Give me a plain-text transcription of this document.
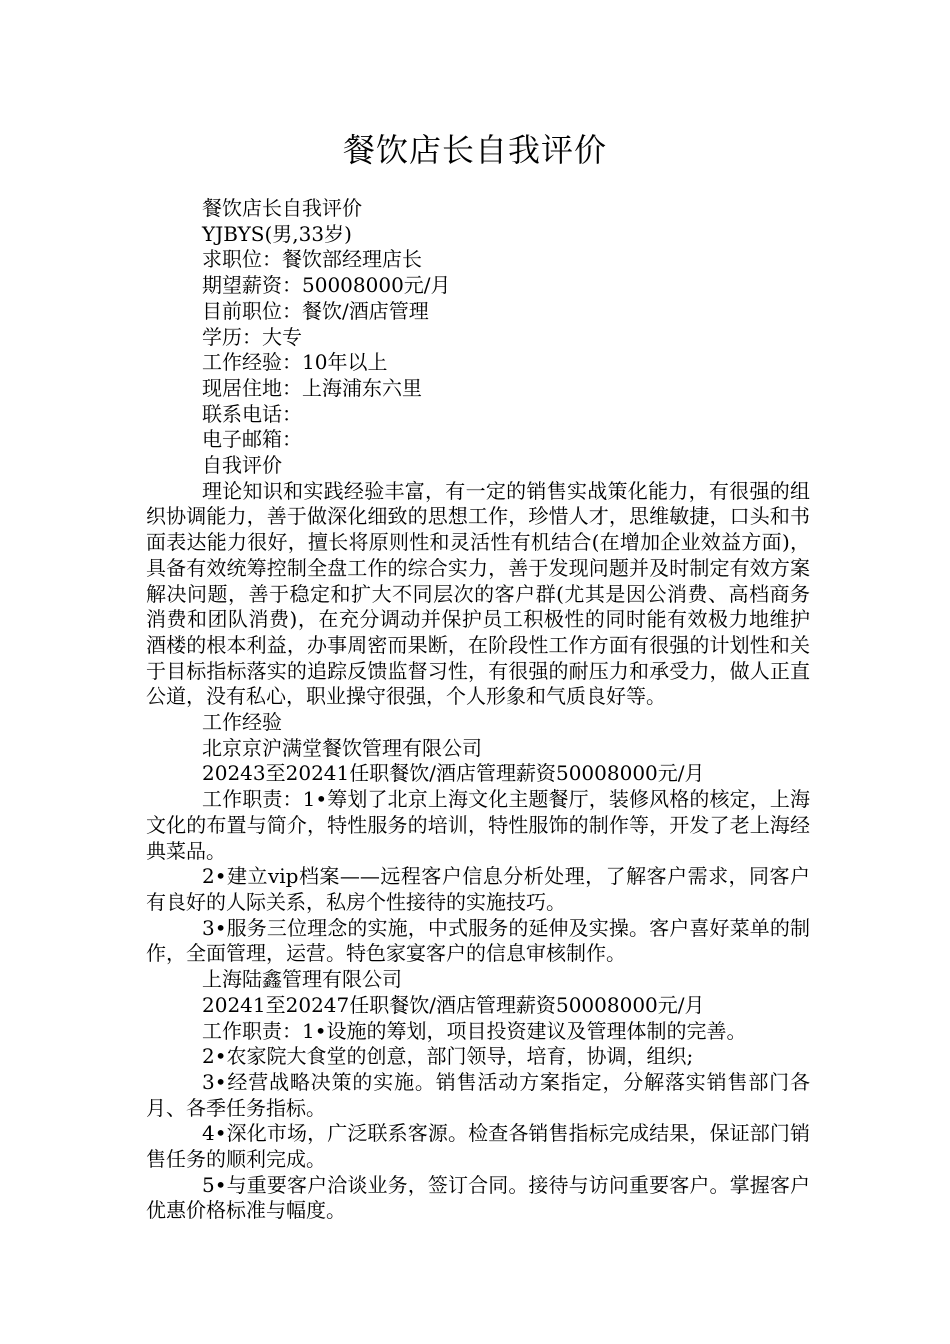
餐饮店长自我评价
餐饮店长自我评价
YJBYS(男,33岁)
求职位：餐饮部经理店长
期望薪资：50008000元/月
目前职位：餐饮/酒店管理
学历：大专
工作经验：10年以上
现居住地：上海浦东六里
联系电话：
电子邮箱：
自我评价

理论知识和实践经验丰富，有一定的销售实战策化能力，有很强的组织协调能力，善于做深化细致的思想工作，珍惜人才，思维敏捷，口头和书面表达能力很好，擅长将原则性和灵活性有机结合(在增加企业效益方面)，具备有效统筹控制全盘工作的综合实力，善于发现问题并及时制定有效方案解决问题，善于稳定和扩大不同层次的客户群(尤其是因公消费、高档商务消费和团队消费)，在充分调动并保护员工积极性的同时能有效极力地维护酒楼的根本利益，办事周密而果断，在阶段性工作方面有很强的计划性和关于目标指标落实的追踪反馈监督习性，有很强的耐压力和承受力，做人正直公道，没有私心，职业操守很强，个人形象和气质良好等。

工作经验
北京京沪满堂餐饮管理有限公司
20243至20241任职餐饮/酒店管理薪资50008000元/月

工作职责：1•筹划了北京上海文化主题餐厅，装修风格的核定，上海文化的布置与简介，特性服务的培训，特性服饰的制作等，开发了老上海经典菜品。

2•建立vip档案——远程客户信息分析处理，了解客户需求，同客户有良好的人际关系，私房个性接待的实施技巧。

3•服务三位理念的实施，中式服务的延伸及实操。客户喜好菜单的制作，全面管理，运营。特色家宴客户的信息审核制作。

上海陆鑫管理有限公司
20241至20247任职餐饮/酒店管理薪资50008000元/月

工作职责：1•设施的筹划，项目投资建议及管理体制的完善。

2•农家院大食堂的创意，部门领导，培育，协调，组织;

3•经营战略决策的实施。销售活动方案指定，分解落实销售部门各月、各季任务指标。

4•深化市场，广泛联系客源。检查各销售指标完成结果，保证部门销售任务的顺利完成。

5•与重要客户洽谈业务，签订合同。接待与访问重要客户。掌握客户优惠价格标准与幅度。
